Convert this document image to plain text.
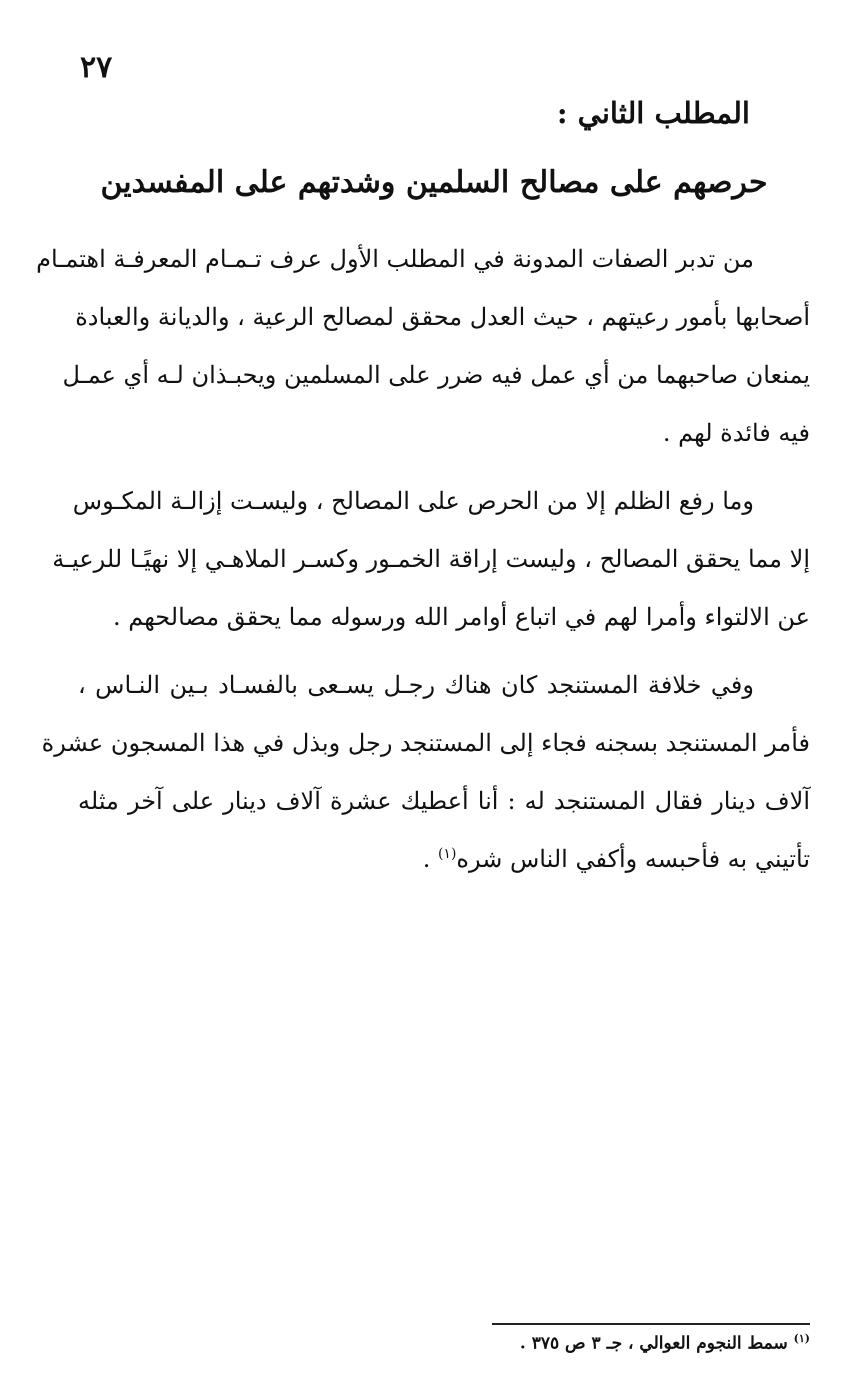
٢٧
المطلب الثاني :
حرصهم على مصالح السلمين وشدتهم على المفسدين
من تدبر الصفات المدونة في المطلب الأول عرف تـمـام المعرفـة اهتمـام
أصحابها بأمور رعيتهم ، حيث العدل محقق لمصالح الرعية ، والديانة والعبادة
يمنعان صاحبهما من أي عمل فيه ضرر على المسلمين ويحبـذان لـه أي عمـل
فيه فائدة لهم .
وما رفع الظلم إلا من الحرص على المصالح ، وليسـت إزالـة المكـوس
إلا مما يحقق المصالح ، وليست إراقة الخمـور وكسـر الملاهـي إلا نهيًـا للرعيـة
عن الالتواء وأمرا لهم في اتباع أوامر الله ورسوله مما يحقق مصالحهم .
وفي خلافة المستنجد كان هناك رجـل يسـعى بالفسـاد بـين النـاس ،
فأمر المستنجد بسجنه فجاء إلى المستنجد رجل وبذل في هذا المسجون عشرة
آلاف دينار فقال المستنجد له : أنا أعطيك عشرة آلاف دينار على آخر مثله
تأتيني به فأحبسه وأكفي الناس شره$^{(١)}$ .
$^{(١)}$ سمط النجوم العوالي ، جـ ٣ ص ٣٧٥ .
